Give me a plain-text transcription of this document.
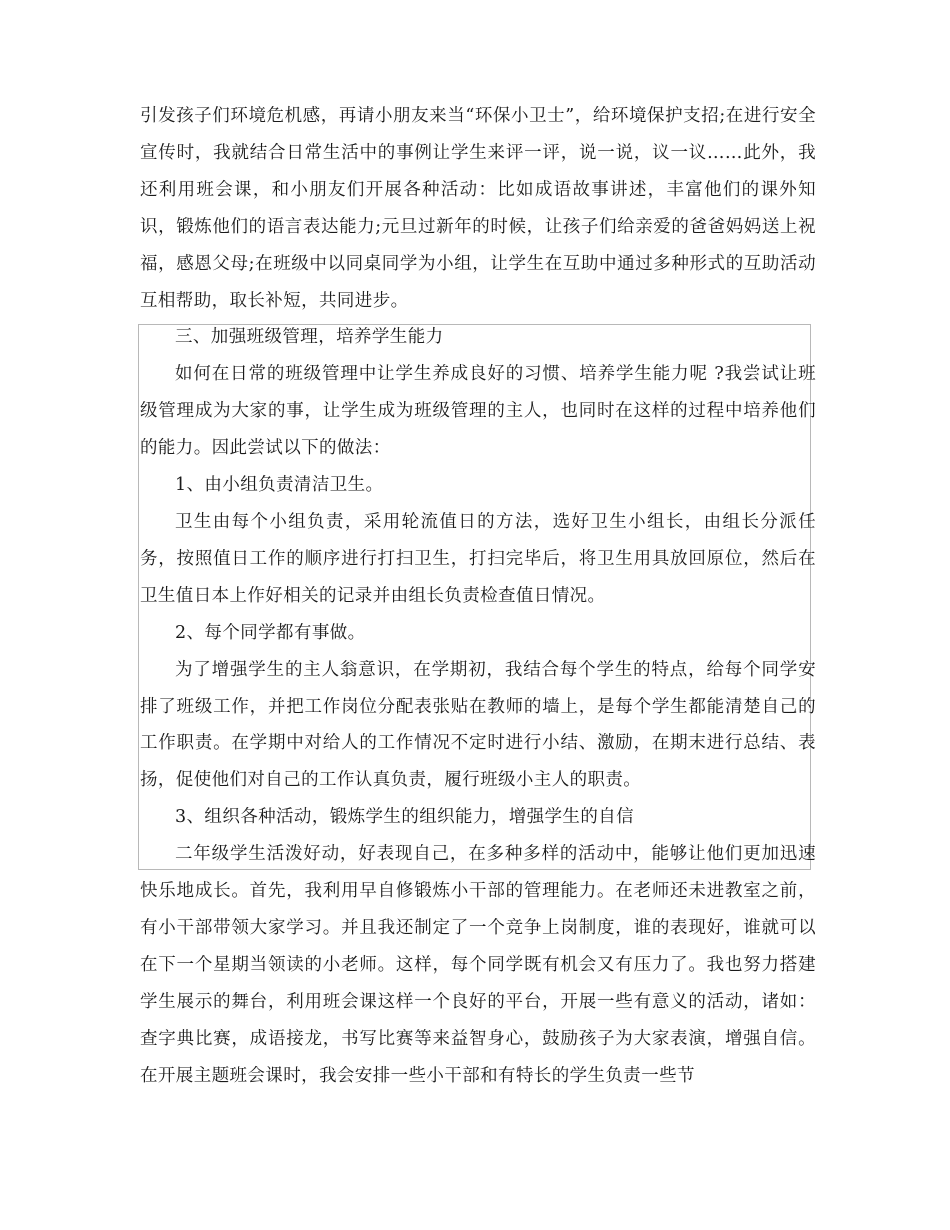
引发孩子们环境危机感，再请小朋友来当“环保小卫士”，给环境保护支招;在进行安全宣传时，我就结合日常生活中的事例让学生来评一评，说一说，议一议……此外，我还利用班会课，和小朋友们开展各种活动：比如成语故事讲述，丰富他们的课外知识，锻炼他们的语言表达能力;元旦过新年的时候，让孩子们给亲爱的爸爸妈妈送上祝福，感恩父母;在班级中以同桌同学为小组，让学生在互助中通过多种形式的互助活动互相帮助，取长补短，共同进步。

三、加强班级管理，培养学生能力

如何在日常的班级管理中让学生养成良好的习惯、培养学生能力呢 ?我尝试让班级管理成为大家的事，让学生成为班级管理的主人，也同时在这样的过程中培养他们的能力。因此尝试以下的做法：

1、由小组负责清洁卫生。

卫生由每个小组负责，采用轮流值日的方法，选好卫生小组长，由组长分派任务，按照值日工作的顺序进行打扫卫生，打扫完毕后，将卫生用具放回原位，然后在卫生值日本上作好相关的记录并由组长负责检查值日情况。

2、每个同学都有事做。

为了增强学生的主人翁意识，在学期初，我结合每个学生的特点，给每个同学安排了班级工作，并把工作岗位分配表张贴在教师的墙上，是每个学生都能清楚自己的工作职责。在学期中对给人的工作情况不定时进行小结、激励，在期末进行总结、表扬，促使他们对自己的工作认真负责，履行班级小主人的职责。

3、组织各种活动，锻炼学生的组织能力，增强学生的自信

二年级学生活泼好动，好表现自己，在多种多样的活动中，能够让他们更加迅速快乐地成长。首先，我利用早自修锻炼小干部的管理能力。在老师还未进教室之前，有小干部带领大家学习。并且我还制定了一个竞争上岗制度，谁的表现好，谁就可以在下一个星期当领读的小老师。这样，每个同学既有机会又有压力了。我也努力搭建学生展示的舞台，利用班会课这样一个良好的平台，开展一些有意义的活动，诸如：查字典比赛，成语接龙，书写比赛等来益智身心，鼓励孩子为大家表演，增强自信。在开展主题班会课时，我会安排一些小干部和有特长的学生负责一些节
